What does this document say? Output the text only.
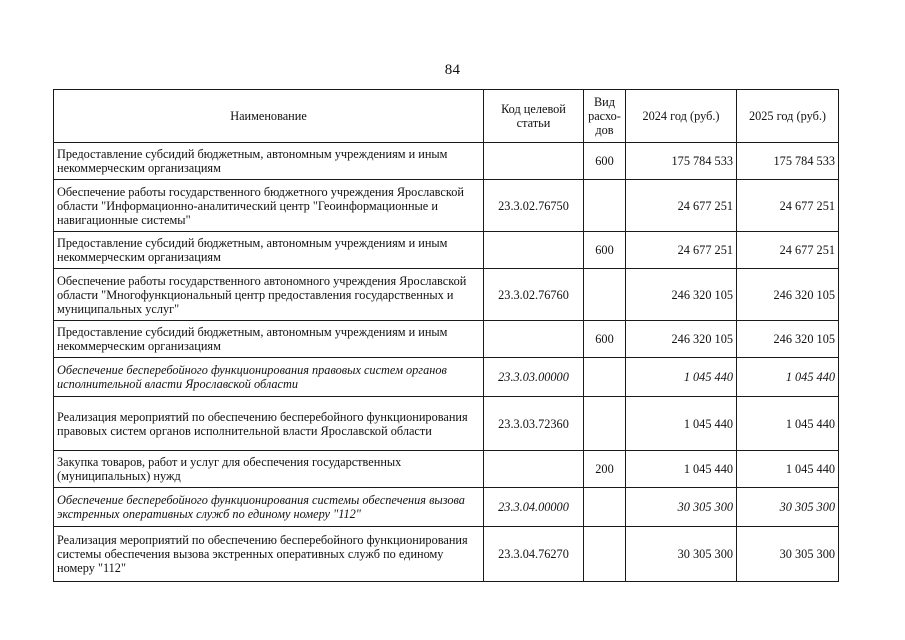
84
Наименование	Код целевой статьи	Вид расхо-дов	2024 год (руб.)	2025 год (руб.)
Предоставление субсидий бюджетным, автономным учреждениям и иным некоммерческим организациям		600	175 784 533	175 784 533
Обеспечение работы государственного бюджетного учреждения Ярославской области "Информационно-аналитический центр "Геоинформационные и навигационные системы"	23.3.02.76750		24 677 251	24 677 251
Предоставление субсидий бюджетным, автономным учреждениям и иным некоммерческим организациям		600	24 677 251	24 677 251
Обеспечение работы государственного автономного учреждения Ярославской области "Многофункциональный центр предоставления государственных и муниципальных услуг"	23.3.02.76760		246 320 105	246 320 105
Предоставление субсидий бюджетным, автономным учреждениям и иным некоммерческим организациям		600	246 320 105	246 320 105
Обеспечение бесперебойного функционирования правовых систем органов исполнительной власти Ярославской области	23.3.03.00000		1 045 440	1 045 440
Реализация мероприятий по обеспечению бесперебойного функционирования правовых систем органов исполнительной власти Ярославской области	23.3.03.72360		1 045 440	1 045 440
Закупка товаров, работ и услуг для обеспечения государственных (муниципальных) нужд		200	1 045 440	1 045 440
Обеспечение бесперебойного функционирования системы обеспечения вызова экстренных оперативных служб по единому номеру "112"	23.3.04.00000		30 305 300	30 305 300
Реализация мероприятий по обеспечению бесперебойного функционирования системы обеспечения вызова экстренных оперативных служб по единому номеру "112"	23.3.04.76270		30 305 300	30 305 300
